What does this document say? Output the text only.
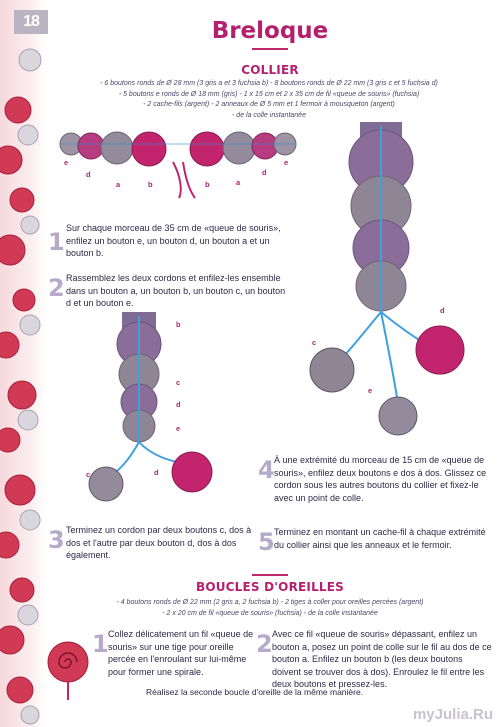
18	Breloque
COLLIER
- 6 boutons ronds de Ø 28 mm (3 gris a et 3 fuchsia b) - 8 boutons ronds de Ø 22 mm (3 gris c et 5 fuchsia d)
- 5 boutons e ronds de Ø 18 mm (gris) - 1 x 15 cm et 2 x 35 cm de fil «queue de souris» (fuchsia)
- 2 cache-fils (argent) - 2 anneaux de Ø 5 mm et 1 fermoir à mousqueton (argent)
- de la colle instantanée
e
d
a	b	b	a
d
e
c
d
e
1 Sur chaque morceau de 35 cm de «queue de souris», enfilez un bouton e, un bouton d, un bouton a et un bouton b.
2 Rassemblez les deux cordons et enfilez-les ensemble dans un bouton a, un bouton b, un bouton c, un bouton d et un bouton e.
b
c
d
e
c	d
3 Terminez un cordon par deux boutons c, dos à dos et l'autre par deux bouton d, dos à dos également.
4 À une extrémité du morceau de 15 cm de «queue de souris», enfilez deux boutons e dos à dos. Glissez ce cordon sous les autres boutons du collier et fixez-le avec un point de colle.
5 Terminez en montant un cache-fil à chaque extrémité du collier ainsi que les anneaux et le fermoir.
BOUCLES D'OREILLES
- 4 boutons ronds de Ø 22 mm (2 gris a, 2 fuchsia b) - 2 tiges à coller pour oreilles percées (argent)
- 2 x 20 cm de fil «queue de souris» (fuchsia) - de la colle instantanée
1 Collez délicatement un fil «queue de souris» sur une tige pour oreille percée en l'enroulant sur lui-même pour former une spirale.
2 Avec ce fil «queue de souris» dépassant, enfilez un bouton a, posez un point de colle sur le fil au dos de ce bouton a. Enfilez un bouton b (les deux boutons doivent se trouver dos à dos). Enroulez le fil entre les deux boutons et pressez-les.
Réalisez la seconde boucle d'oreille de la même manière.
myJulia.Ru
